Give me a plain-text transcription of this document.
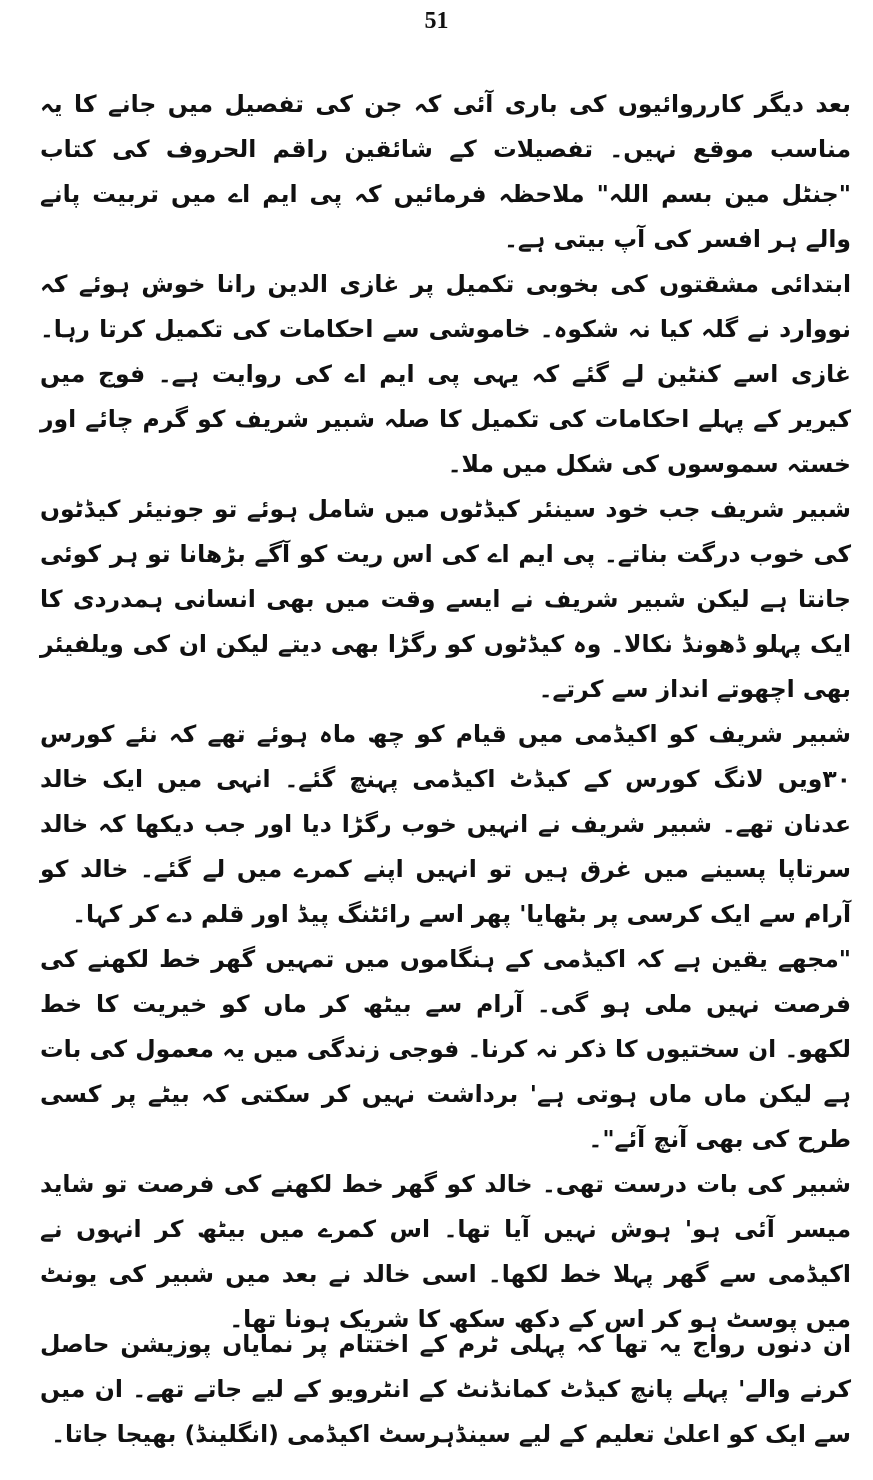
51

بعد دیگر کارروائیوں کی باری آئی کہ جن کی تفصیل میں جانے کا یہ مناسب موقع نہیں۔ تفصیلات کے شائقین راقم الحروف کی کتاب "جنٹل مین بسم اللہ" ملاحظہ فرمائیں کہ پی ایم اے میں تربیت پانے والے ہر افسر کی آپ بیتی ہے۔

ابتدائی مشقتوں کی بخوبی تکمیل پر غازی الدین رانا خوش ہوئے کہ نووارد نے گلہ کیا نہ شکوہ۔ خاموشی سے احکامات کی تکمیل کرتا رہا۔ غازی اسے کنٹین لے گئے کہ یہی پی ایم اے کی روایت ہے۔ فوج میں کیریر کے پہلے احکامات کی تکمیل کا صلہ شبیر شریف کو گرم چائے اور خستہ سموسوں کی شکل میں ملا۔

شبیر شریف جب خود سینئر کیڈٹوں میں شامل ہوئے تو جونیئر کیڈٹوں کی خوب درگت بناتے۔ پی ایم اے کی اس ریت کو آگے بڑھانا تو ہر کوئی جانتا ہے لیکن شبیر شریف نے ایسے وقت میں بھی انسانی ہمدردی کا ایک پہلو ڈھونڈ نکالا۔ وہ کیڈٹوں کو رگڑا بھی دیتے لیکن ان کی ویلفیئر بھی اچھوتے انداز سے کرتے۔

شبیر شریف کو اکیڈمی میں قیام کو چھ ماہ ہوئے تھے کہ نئے کورس ۳۰ویں لانگ کورس کے کیڈٹ اکیڈمی پہنچ گئے۔ انہی میں ایک خالد عدنان تھے۔ شبیر شریف نے انہیں خوب رگڑا دیا اور جب دیکھا کہ خالد سرتاپا پسینے میں غرق ہیں تو انہیں اپنے کمرے میں لے گئے۔ خالد کو آرام سے ایک کرسی پر بٹھایا' پھر اسے رائٹنگ پیڈ اور قلم دے کر کہا۔

"مجھے یقین ہے کہ اکیڈمی کے ہنگاموں میں تمہیں گھر خط لکھنے کی فرصت نہیں ملی ہو گی۔ آرام سے بیٹھ کر ماں کو خیریت کا خط لکھو۔ ان سختیوں کا ذکر نہ کرنا۔ فوجی زندگی میں یہ معمول کی بات ہے لیکن ماں ماں ہوتی ہے' برداشت نہیں کر سکتی کہ بیٹے پر کسی طرح کی بھی آنچ آئے"۔

شبیر کی بات درست تھی۔ خالد کو گھر خط لکھنے کی فرصت تو شاید میسر آئی ہو' ہوش نہیں آیا تھا۔ اس کمرے میں بیٹھ کر انہوں نے اکیڈمی سے گھر پہلا خط لکھا۔ اسی خالد نے بعد میں شبیر کی یونٹ میں پوسٹ ہو کر اس کے دکھ سکھ کا شریک ہونا تھا۔

ان دنوں رواج یہ تھا کہ پہلی ٹرم کے اختتام پر نمایاں پوزیشن حاصل کرنے والے' پہلے پانچ کیڈٹ کمانڈنٹ کے انٹرویو کے لیے جاتے تھے۔ ان میں سے ایک کو اعلیٰ تعلیم کے لیے سینڈہرسٹ اکیڈمی (انگلینڈ) بھیجا جاتا۔
